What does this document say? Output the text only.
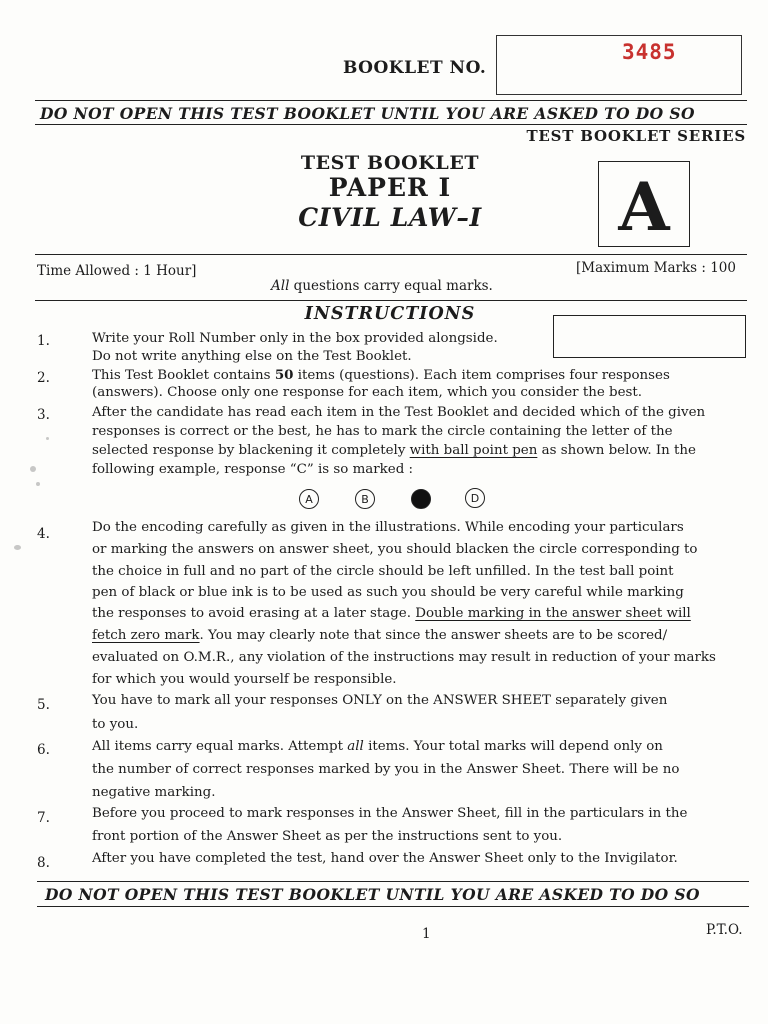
BOOKLET NO.
3485
DO NOT OPEN THIS TEST BOOKLET UNTIL YOU ARE ASKED TO DO SO
TEST BOOKLET SERIES
TEST BOOKLET
PAPER I
CIVIL LAW–I	A
Time Allowed : 1 Hour]	[Maximum Marks : 100
All questions carry equal marks.
INSTRUCTIONS
1.	Write your Roll Number only in the box provided alongside.
Do not write anything else on the Test Booklet.
2.	This Test Booklet contains 50 items (questions). Each item comprises four responses
(answers). Choose only one response for each item, which you consider the best.
3.	After the candidate has read each item in the Test Booklet and decided which of the given
responses is correct or the best, he has to mark the circle containing the letter of the
selected response by blackening it completely with ball point pen as shown below. In the
following example, response “C” is so marked :
A	B	D
4.	Do the encoding carefully as given in the illustrations. While encoding your particulars
or marking the answers on answer sheet, you should blacken the circle corresponding to
the choice in full and no part of the circle should be left unfilled. In the test ball point
pen of black or blue ink is to be used as such you should be very careful while marking
the responses to avoid erasing at a later stage. Double marking in the answer sheet will
fetch zero mark. You may clearly note that since the answer sheets are to be scored/
evaluated on O.M.R., any violation of the instructions may result in reduction of your marks
for which you would yourself be responsible.
5.	You have to mark all your responses ONLY on the ANSWER SHEET separately given
to you.
6.	All items carry equal marks. Attempt all items. Your total marks will depend only on
the number of correct responses marked by you in the Answer Sheet. There will be no
negative marking.
7.	Before you proceed to mark responses in the Answer Sheet, fill in the particulars in the
front portion of the Answer Sheet as per the instructions sent to you.
8.	After you have completed the test, hand over the Answer Sheet only to the Invigilator.
DO NOT OPEN THIS TEST BOOKLET UNTIL YOU ARE ASKED TO DO SO
1	P.T.O.
